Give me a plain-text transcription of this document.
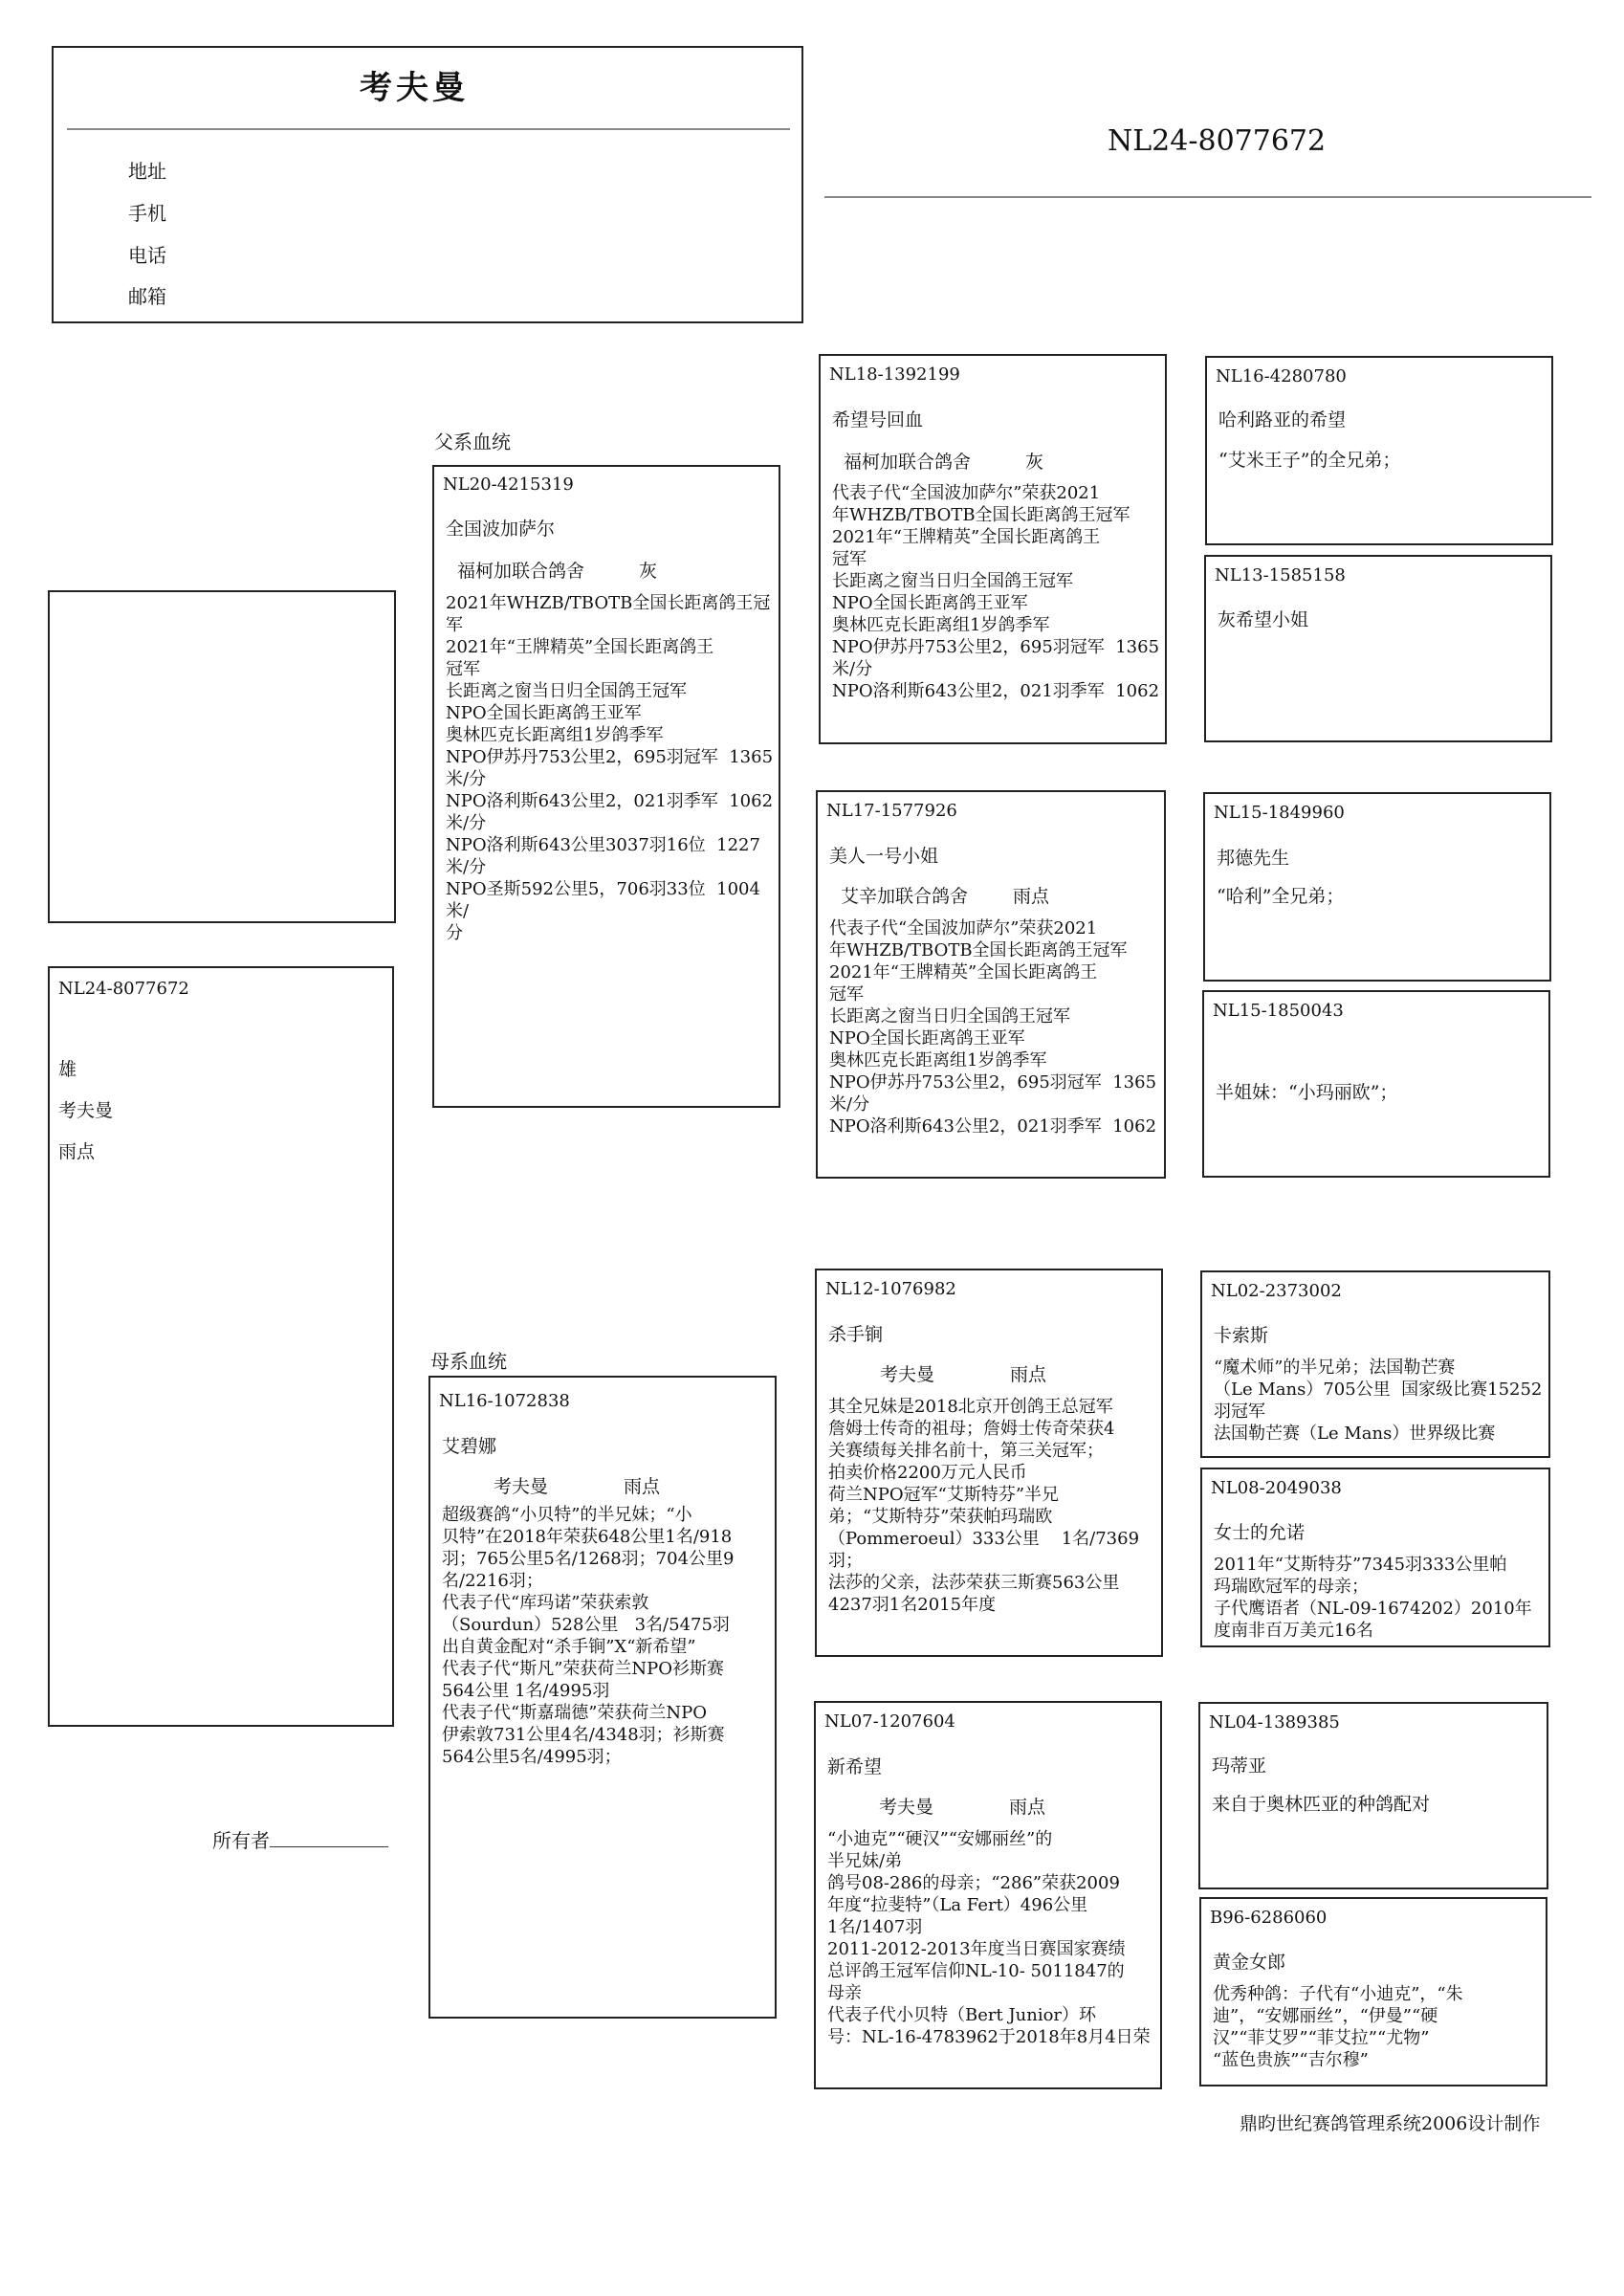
考夫曼
地址
手机
电话
邮箱
NL24-8077672
NL24-8077672
雄
考夫曼
雨点
父系血统
母系血统
NL20-4215319
全国波加萨尔
福柯加联合鸽舍	灰
2021年WHZB/TBOTB全国长距离鸽王冠
军
2021年“王牌精英”全国长距离鸽王
冠军
长距离之窗当日归全国鸽王冠军
NPO全国长距离鸽王亚军
奥林匹克长距离组1岁鸽季军
NPO伊苏丹753公里2，695羽冠军  1365
米/分
NPO洛利斯643公里2，021羽季军  1062
米/分
NPO洛利斯643公里3037羽16位  1227
米/分
NPO圣斯592公里5，706羽33位  1004米/
分
NL16-1072838
艾碧娜
考夫曼	雨点
超级赛鸽“小贝特”的半兄妹；“小
贝特”在2018年荣获648公里1名/918
羽；765公里5名/1268羽；704公里9
名/2216羽；
代表子代“库玛诺”荣获索敦
（Sourdun）528公里   3名/5475羽
出自黄金配对“杀手锏”X“新希望”
代表子代“斯凡”荣获荷兰NPO衫斯赛
564公里 1名/4995羽
代表子代“斯嘉瑞德”荣获荷兰NPO
伊索敦731公里4名/4348羽；衫斯赛
564公里5名/4995羽；
NL18-1392199
希望号回血
福柯加联合鸽舍	灰
代表子代“全国波加萨尔”荣获2021
年WHZB/TBOTB全国长距离鸽王冠军
2021年“王牌精英”全国长距离鸽王
冠军
长距离之窗当日归全国鸽王冠军
NPO全国长距离鸽王亚军
奥林匹克长距离组1岁鸽季军
NPO伊苏丹753公里2，695羽冠军  1365
米/分
NPO洛利斯643公里2，021羽季军  1062
NL17-1577926
美人一号小姐
艾辛加联合鸽舍 雨点
代表子代“全国波加萨尔”荣获2021
年WHZB/TBOTB全国长距离鸽王冠军
2021年“王牌精英”全国长距离鸽王
冠军
长距离之窗当日归全国鸽王冠军
NPO全国长距离鸽王亚军
奥林匹克长距离组1岁鸽季军
NPO伊苏丹753公里2，695羽冠军  1365
米/分
NPO洛利斯643公里2，021羽季军  1062
NL12-1076982
杀手锏
考夫曼	雨点
其全兄妹是2018北京开创鸽王总冠军
詹姆士传奇的祖母；詹姆士传奇荣获4
关赛绩每关排名前十，第三关冠军；
拍卖价格2200万元人民币
荷兰NPO冠军“艾斯特芬”半兄
弟；“艾斯特芬”荣获帕玛瑞欧
（Pommeroeul）333公里    1名/7369
羽；
法莎的父亲，法莎荣获三斯赛563公里
4237羽1名2015年度
NL07-1207604
新希望
考夫曼	雨点
“小迪克”“硬汉”“安娜丽丝”的
半兄妹/弟
鸽号08-286的母亲；“286”荣获2009
年度“拉斐特”（La Fert）496公里
1名/1407羽
2011-2012-2013年度当日赛国家赛绩
总评鸽王冠军信仰NL-10- 5011847的
母亲
代表子代小贝特（Bert Junior）环
号：NL-16-4783962于2018年8月4日荣
NL16-4280780
哈利路亚的希望
“艾米王子”的全兄弟；
NL13-1585158
灰希望小姐
NL15-1849960
邦德先生
“哈利”全兄弟；
NL15-1850043
半姐妹：“小玛丽欧”；
NL02-2373002
卡索斯
“魔术师”的半兄弟；法国勒芒赛
（Le Mans）705公里  国家级比赛15252
羽冠军
法国勒芒赛（Le Mans）世界级比赛
NL08-2049038
女士的允诺
2011年“艾斯特芬”7345羽333公里帕
玛瑞欧冠军的母亲；
子代鹰语者（NL-09-1674202）2010年
度南非百万美元16名
NL04-1389385
玛蒂亚
来自于奥林匹亚的种鸽配对
B96-6286060
黄金女郎
优秀种鸽：子代有“小迪克”，“朱
迪”，“安娜丽丝”，“伊曼”“硬
汉”“菲艾罗”“菲艾拉”“尤物”
“蓝色贵族”“吉尔穆”
所有者
鼎昀世纪赛鸽管理系统2006设计制作
